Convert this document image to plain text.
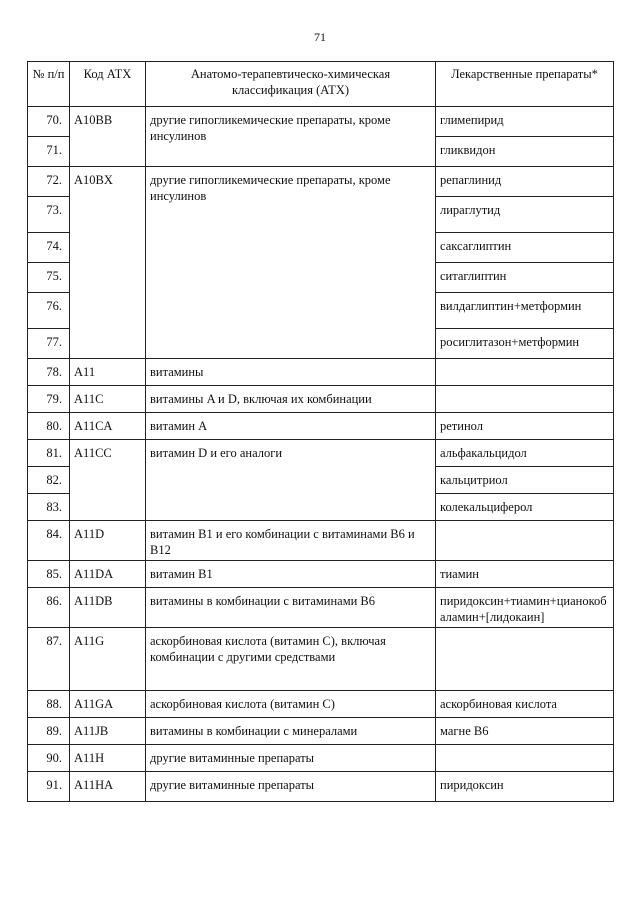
71
№ п/п	Код АТХ	Анатомо-терапевтическо-химическая классификация (АТХ)	Лекарственные препараты*
70.	A10BB	другие гипогликемические препараты, кроме инсулинов	глимепирид
71.			гликвидон
72.	A10BX	другие гипогликемические препараты, кроме инсулинов	репаглинид
73.			лираглутид
74.			саксаглиптин
75.			ситаглиптин
76.			вилдаглиптин+метформин
77.			росиглитазон+метформин
78.	A11	витамины	
79.	A11C	витамины A и D, включая их комбинации	
80.	A11CA	витамин A	ретинол
81.	A11CC	витамин D и его аналоги	альфакальцидол
82.			кальцитриол
83.			колекальциферол
84.	A11D	витамин B1 и его комбинации с витаминами B6 и B12	
85.	A11DA	витамин B1	тиамин
86.	A11DB	витамины в комбинации с витаминами B6	пиридоксин+тиамин+цианокобаламин+[лидокаин]
87.	A11G	аскорбиновая кислота (витамин C), включая комбинации с другими средствами	
88.	A11GA	аскорбиновая кислота (витамин C)	аскорбиновая кислота
89.	A11JB	витамины в комбинации с минералами	магне B6
90.	A11H	другие витаминные препараты	
91.	A11HA	другие витаминные препараты	пиридоксин
